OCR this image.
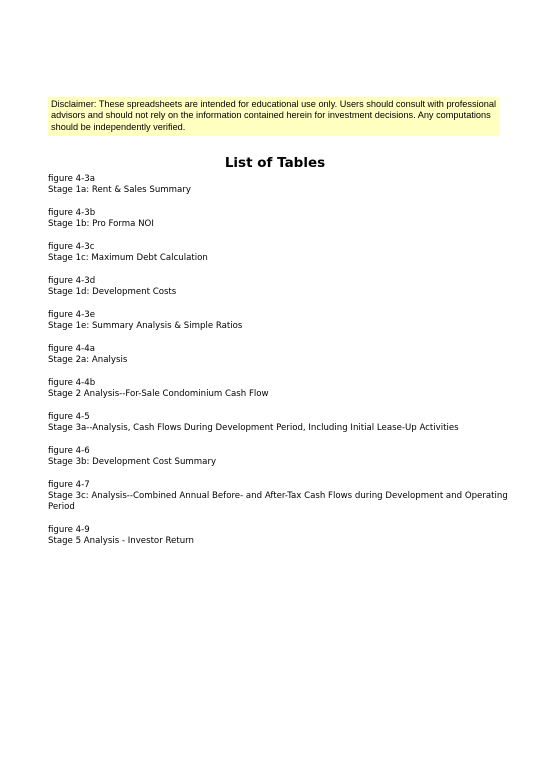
Disclaimer: These spreadsheets are intended for educational use only. Users should consult with professional advisors and should not rely on the information contained herein for investment decisions. Any computations should be independently verified.
List of Tables
figure 4-3a
Stage 1a: Rent & Sales Summary
figure 4-3b
Stage 1b: Pro Forma NOI
figure 4-3c
Stage 1c: Maximum Debt Calculation
figure 4-3d
Stage 1d: Development Costs
figure 4-3e
Stage 1e: Summary Analysis & Simple Ratios
figure 4-4a
Stage 2a: Analysis
figure 4-4b
Stage 2 Analysis--For-Sale Condominium Cash Flow
figure 4-5
Stage 3a--Analysis, Cash Flows During Development Period, Including Initial Lease-Up Activities
figure 4-6
Stage 3b: Development Cost Summary
figure 4-7
Stage 3c: Analysis--Combined Annual Before- and After-Tax Cash Flows during Development and Operating Period
figure 4-9
Stage 5 Analysis - Investor Return
